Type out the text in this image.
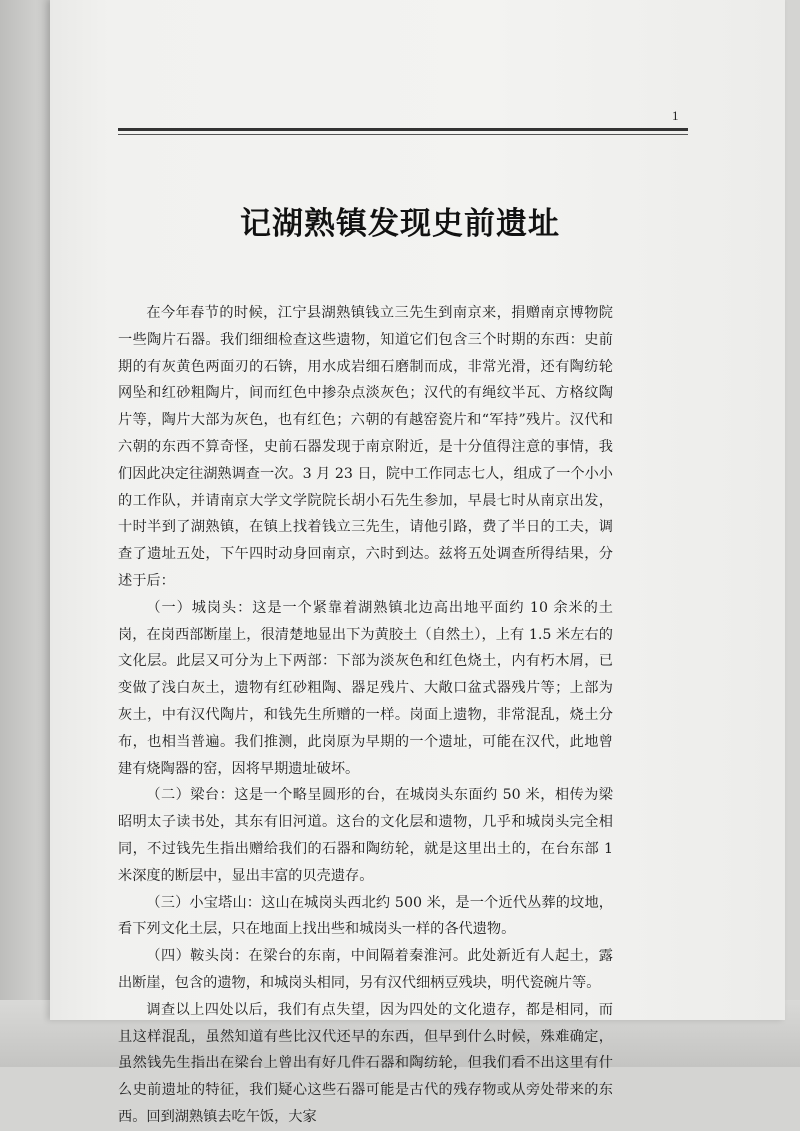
1
记湖熟镇发现史前遗址

在今年春节的时候，江宁县湖熟镇钱立三先生到南京来，捐赠南京博物院一些陶片石器。我们细细检查这些遗物，知道它们包含三个时期的东西：史前期的有灰黄色两面刃的石锛，用水成岩细石磨制而成，非常光滑，还有陶纺轮网坠和红砂粗陶片，间而红色中掺杂点淡灰色；汉代的有绳纹半瓦、方格纹陶片等，陶片大部为灰色，也有红色；六朝的有越窑瓷片和“军持”残片。汉代和六朝的东西不算奇怪，史前石器发现于南京附近，是十分值得注意的事情，我们因此决定往湖熟调查一次。3 月 23 日，院中工作同志七人，组成了一个小小的工作队，并请南京大学文学院院长胡小石先生参加，早晨七时从南京出发，十时半到了湖熟镇，在镇上找着钱立三先生，请他引路，费了半日的工夫，调查了遗址五处，下午四时动身回南京，六时到达。兹将五处调查所得结果，分述于后：

（一）城岗头：这是一个紧靠着湖熟镇北边高出地平面约 10 余米的土岗，在岗西部断崖上，很清楚地显出下为黄胶土（自然土），上有 1.5 米左右的文化层。此层又可分为上下两部：下部为淡灰色和红色烧土，内有朽木屑，已变做了浅白灰土，遗物有红砂粗陶、器足残片、大敞口盆式器残片等；上部为灰土，中有汉代陶片，和钱先生所赠的一样。岗面上遗物，非常混乱，烧土分布，也相当普遍。我们推测，此岗原为早期的一个遗址，可能在汉代，此地曾建有烧陶器的窑，因将早期遗址破坏。

（二）梁台：这是一个略呈圆形的台，在城岗头东面约 50 米，相传为梁昭明太子读书处，其东有旧河道。这台的文化层和遗物，几乎和城岗头完全相同，不过钱先生指出赠给我们的石器和陶纺轮，就是这里出土的，在台东部 1 米深度的断层中，显出丰富的贝壳遗存。

（三）小宝塔山：这山在城岗头西北约 500 米，是一个近代丛葬的坟地，看下列文化土层，只在地面上找出些和城岗头一样的各代遗物。

（四）鞍头岗：在梁台的东南，中间隔着秦淮河。此处新近有人起土，露出断崖，包含的遗物，和城岗头相同，另有汉代细柄豆残块，明代瓷碗片等。

调查以上四处以后，我们有点失望，因为四处的文化遗存，都是相同，而且这样混乱，虽然知道有些比汉代还早的东西，但早到什么时候，殊难确定，虽然钱先生指出在梁台上曾出有好几件石器和陶纺轮，但我们看不出这里有什么史前遗址的特征，我们疑心这些石器可能是古代的残存物或从旁处带来的东西。回到湖熟镇去吃午饭，大家
